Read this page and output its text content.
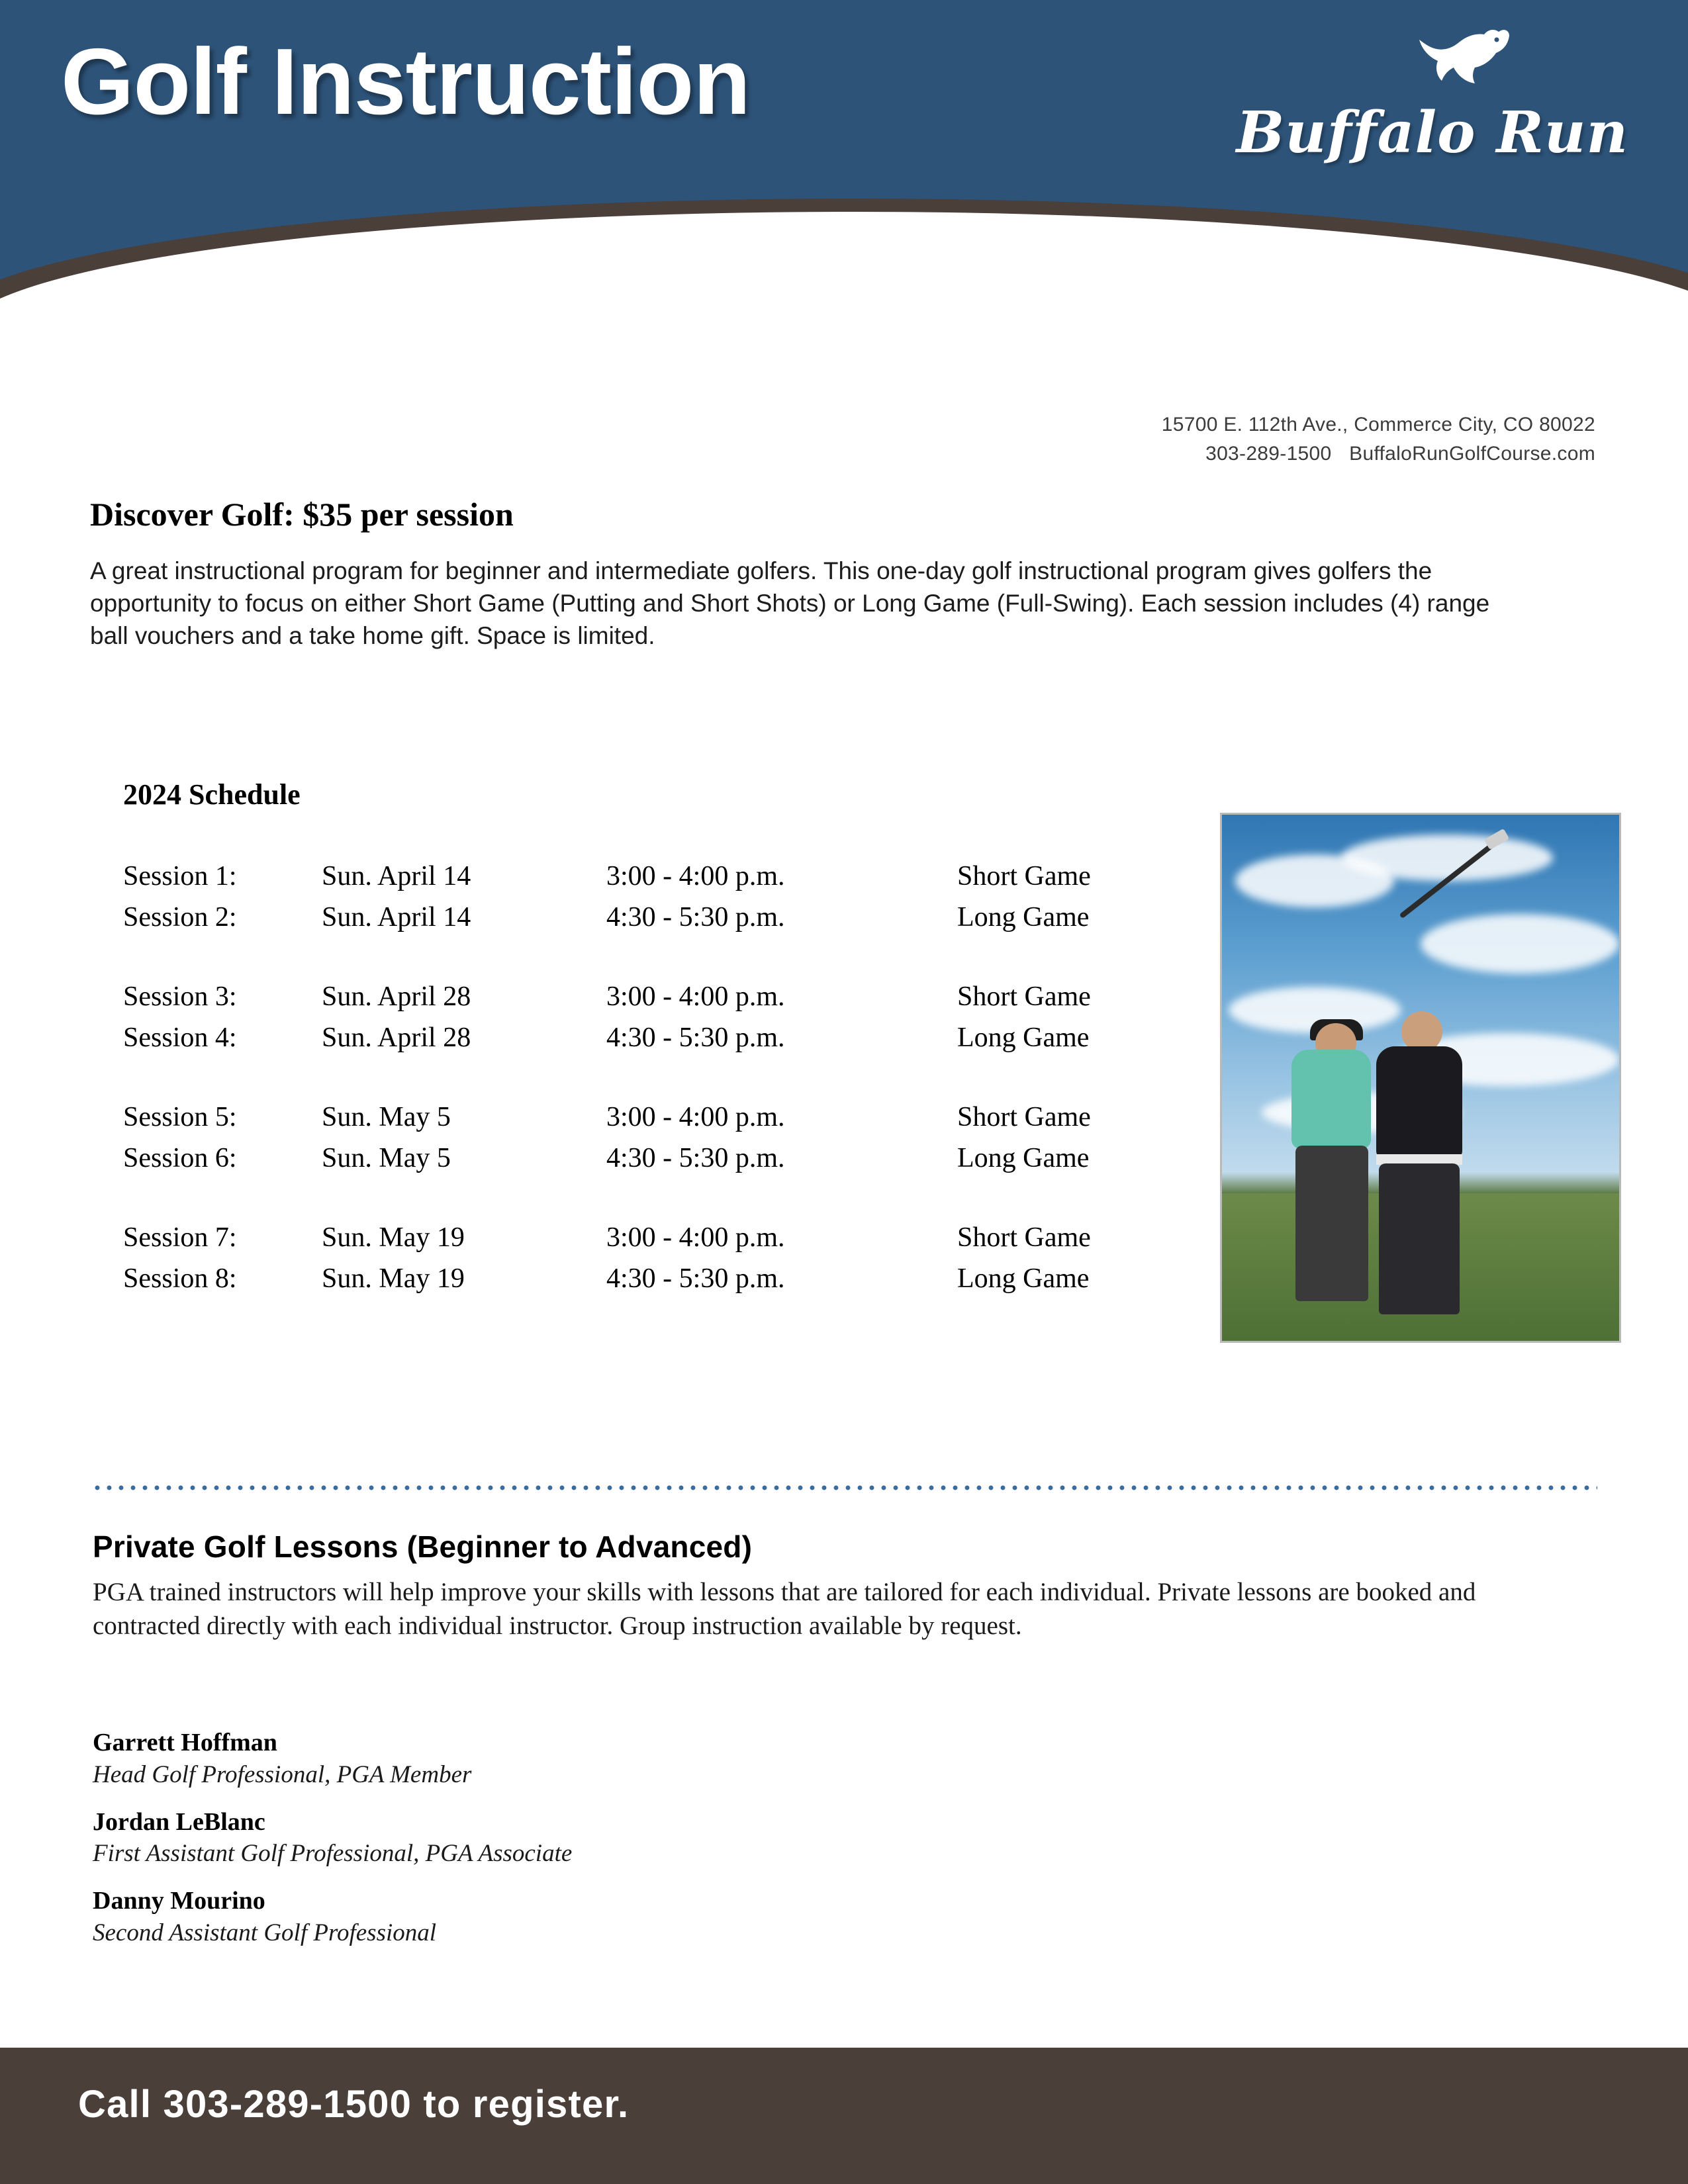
Golf Instruction	Buffalo Run
15700 E. 112th Ave., Commerce City, CO 80022
303-289-1500 BuffaloRunGolfCourse.com
Discover Golf: $35 per session
A great instructional program for beginner and intermediate golfers. This one-day golf instructional program gives golfers the opportunity to focus on either Short Game (Putting and Short Shots) or Long Game (Full-Swing). Each session includes (4) range ball vouchers and a take home gift. Space is limited.
2024 Schedule
Session 1:	Sun. April 14	3:00 - 4:00 p.m.	Short Game
Session 2:	Sun. April 14	4:30 - 5:30 p.m.	Long Game

Session 3:	Sun. April 28	3:00 - 4:00 p.m.	Short Game
Session 4:	Sun. April 28	4:30 - 5:30 p.m.	Long Game

Session 5:	Sun. May 5	3:00 - 4:00 p.m.	Short Game
Session 6:	Sun. May 5	4:30 - 5:30 p.m.	Long Game

Session 7:	Sun. May 19	3:00 - 4:00 p.m.	Short Game
Session 8:	Sun. May 19	4:30 - 5:30 p.m.	Long Game
Private Golf Lessons (Beginner to Advanced)
PGA trained instructors will help improve your skills with lessons that are tailored for each individual. Private lessons are booked and contracted directly with each individual instructor. Group instruction available by request.
Garrett Hoffman
Head Golf Professional, PGA Member
Jordan LeBlanc
First Assistant Golf Professional, PGA Associate
Danny Mourino
Second Assistant Golf Professional
Call 303-289-1500 to register.
